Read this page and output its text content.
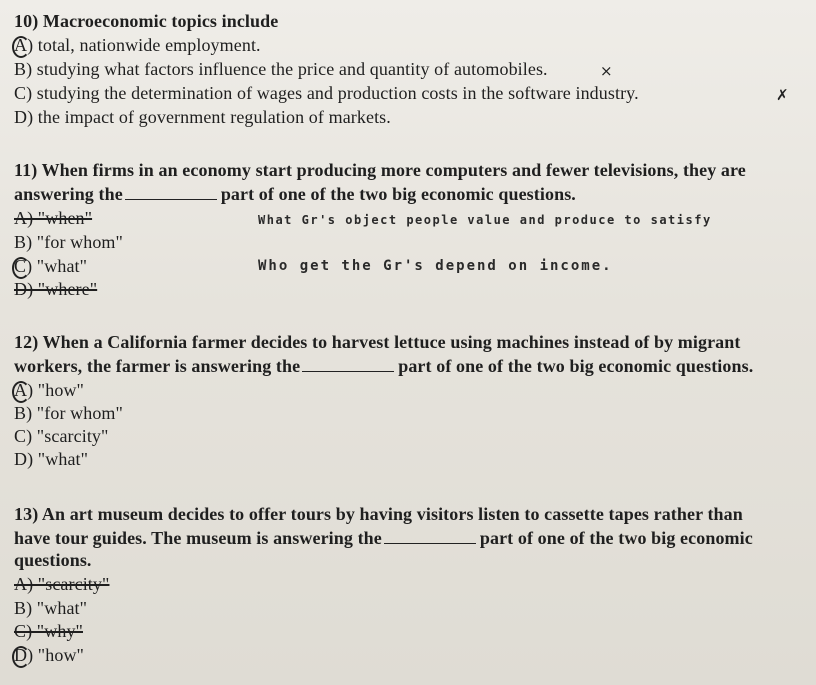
10) Macroeconomic topics include
A) total, nationwide employment.
B) studying what factors influence the price and quantity of automobiles.	×
C) studying the determination of wages and production costs in the software industry.	✗
D) the impact of government regulation of markets.
11) When firms in an economy start producing more computers and fewer televisions, they are
answering the	part of one of the two big economic questions.
A) "when"	What Gr's object people value and produce to satisfy
B) "for whom"
C) "what"	Who get the Gr's depend on income.
D) "where"
12) When a California farmer decides to harvest lettuce using machines instead of by migrant
workers, the farmer is answering the	part of one of the two big economic questions.
A) "how"
B) "for whom"
C) "scarcity"
D) "what"
13) An art museum decides to offer tours by having visitors listen to cassette tapes rather than
have tour guides. The museum is answering the	part of one of the two big economic
questions.
A) "scarcity"
B) "what"
C) "why"
D) "how"
